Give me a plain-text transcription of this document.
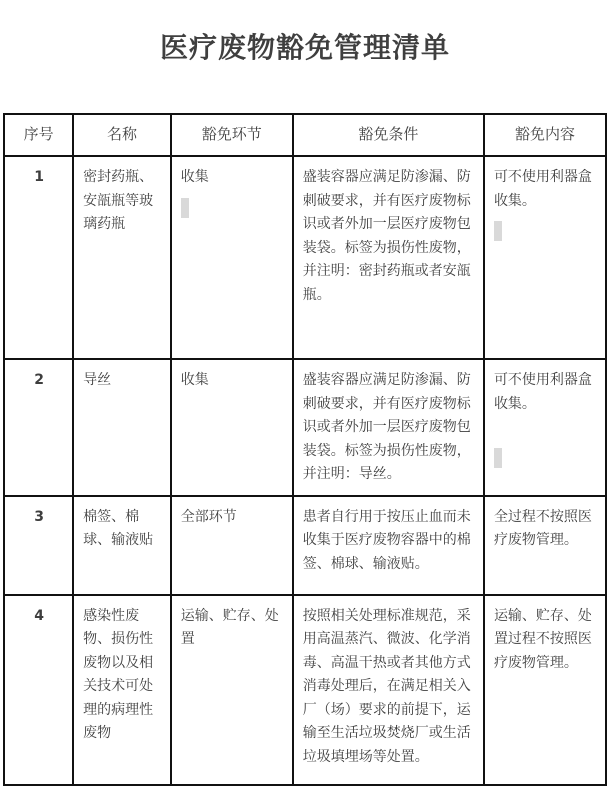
医疗废物豁免管理清单
序号	名称	豁免环节	豁免条件	豁免内容

1	密封药瓶、安瓿瓶等玻璃药瓶	收集	盛装容器应满足防渗漏、防刺破要求，并有医疗废物标识或者外加一层医疗废物包装袋。标签为损伤性废物，并注明：密封药瓶或者安瓿瓶。	可不使用利器盒收集。

2	导丝	收集	盛装容器应满足防渗漏、防刺破要求，并有医疗废物标识或者外加一层医疗废物包装袋。标签为损伤性废物，并注明：导丝。	可不使用利器盒收集。

3	棉签、棉球、输液贴	全部环节	患者自行用于按压止血而未收集于医疗废物容器中的棉签、棉球、输液贴。	全过程不按照医疗废物管理。

4	感染性废物、损伤性废物以及相关技术可处理的病理性废物	运输、贮存、处置	按照相关处理标准规范，采用高温蒸汽、微波、化学消毒、高温干热或者其他方式消毒处理后，在满足相关入厂（场）要求的前提下，运输至生活垃圾焚烧厂或生活垃圾填埋场等处置。	运输、贮存、处置过程不按照医疗废物管理。
